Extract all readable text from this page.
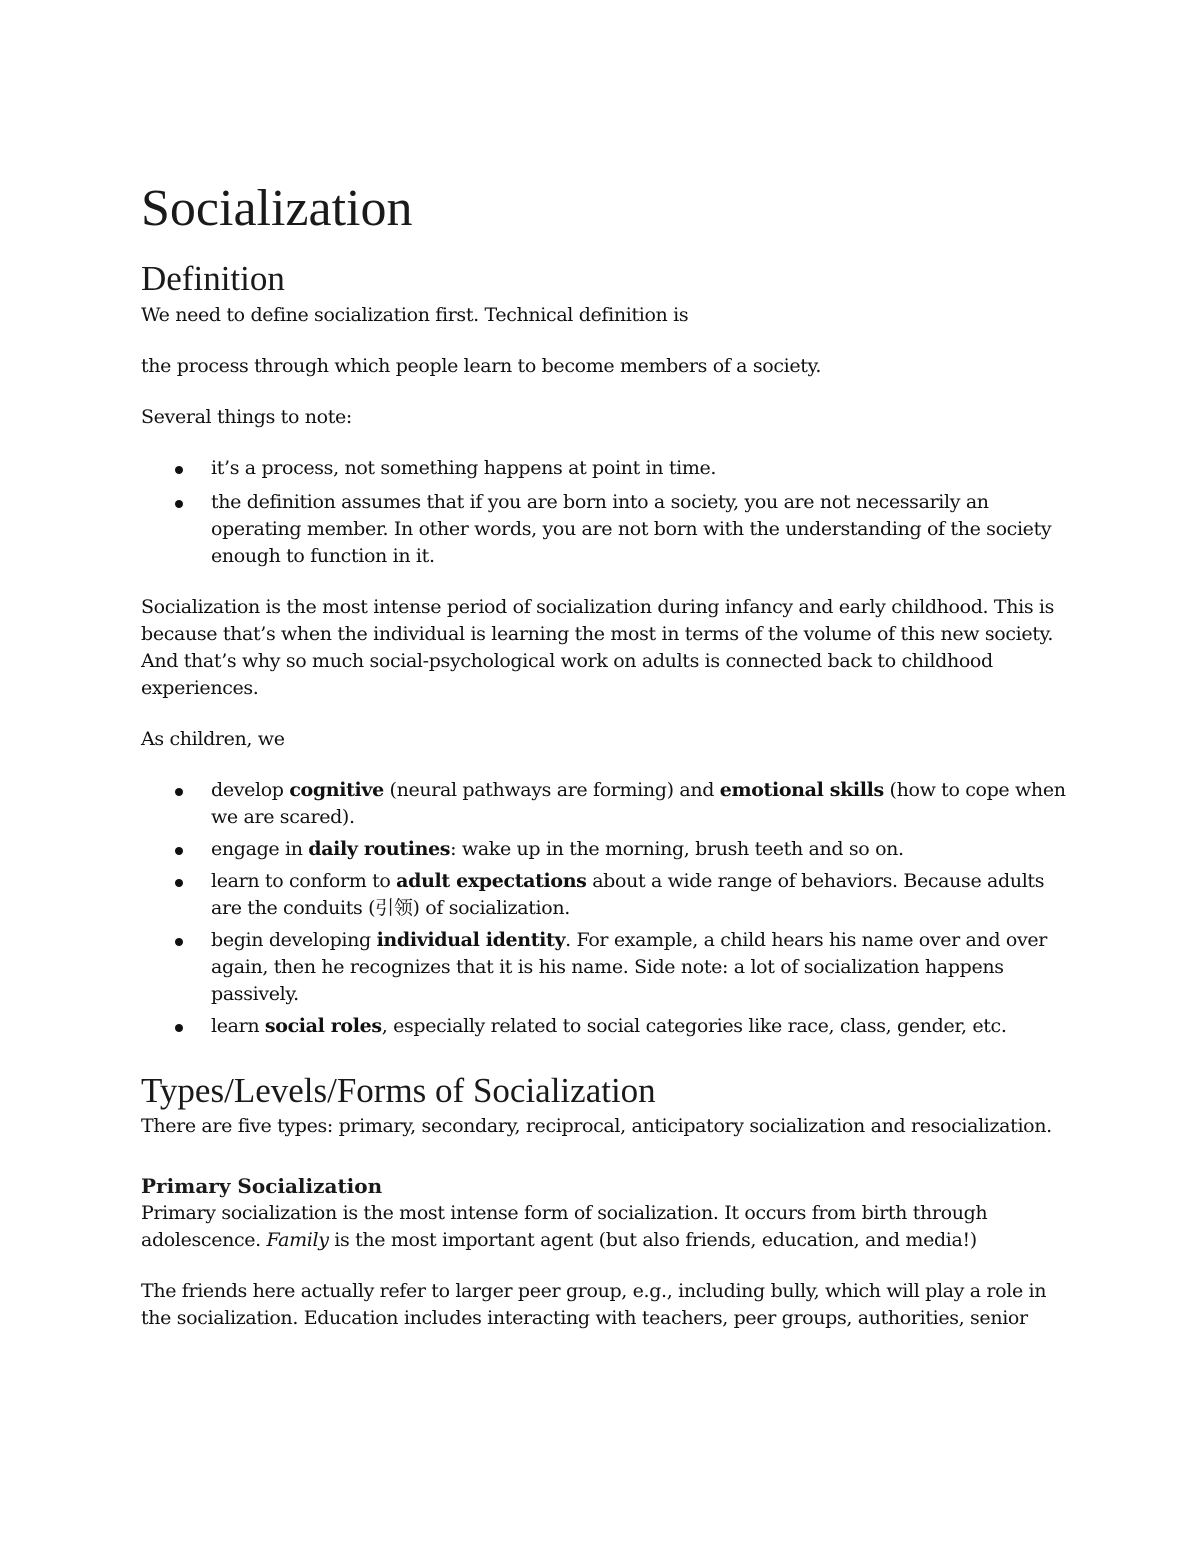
Socialization
Definition

We need to define socialization first. Technical definition is

the process through which people learn to become members of a society.

Several things to note:

it’s a process, not something happens at point in time.
the definition assumes that if you are born into a society, you are not necessarily an operating member. In other words, you are not born with the understanding of the society enough to function in it.

Socialization is the most intense period of socialization during infancy and early childhood. This is because that’s when the individual is learning the most in terms of the volume of this new society. And that’s why so much social-psychological work on adults is connected back to childhood experiences.

As children, we

develop cognitive (neural pathways are forming) and emotional skills (how to cope when we are scared).
engage in daily routines: wake up in the morning, brush teeth and so on.
learn to conform to adult expectations about a wide range of behaviors. Because adults are the conduits (引领) of socialization.
begin developing individual identity. For example, a child hears his name over and over again, then he recognizes that it is his name. Side note: a lot of socialization happens passively.
learn social roles, especially related to social categories like race, class, gender, etc.
Types/Levels/Forms of Socialization

There are five types: primary, secondary, reciprocal, anticipatory socialization and resocialization.

Primary Socialization

Primary socialization is the most intense form of socialization. It occurs from birth through adolescence. Family is the most important agent (but also friends, education, and media!)

The friends here actually refer to larger peer group, e.g., including bully, which will play a role in the socialization. Education includes interacting with teachers, peer groups, authorities, senior
